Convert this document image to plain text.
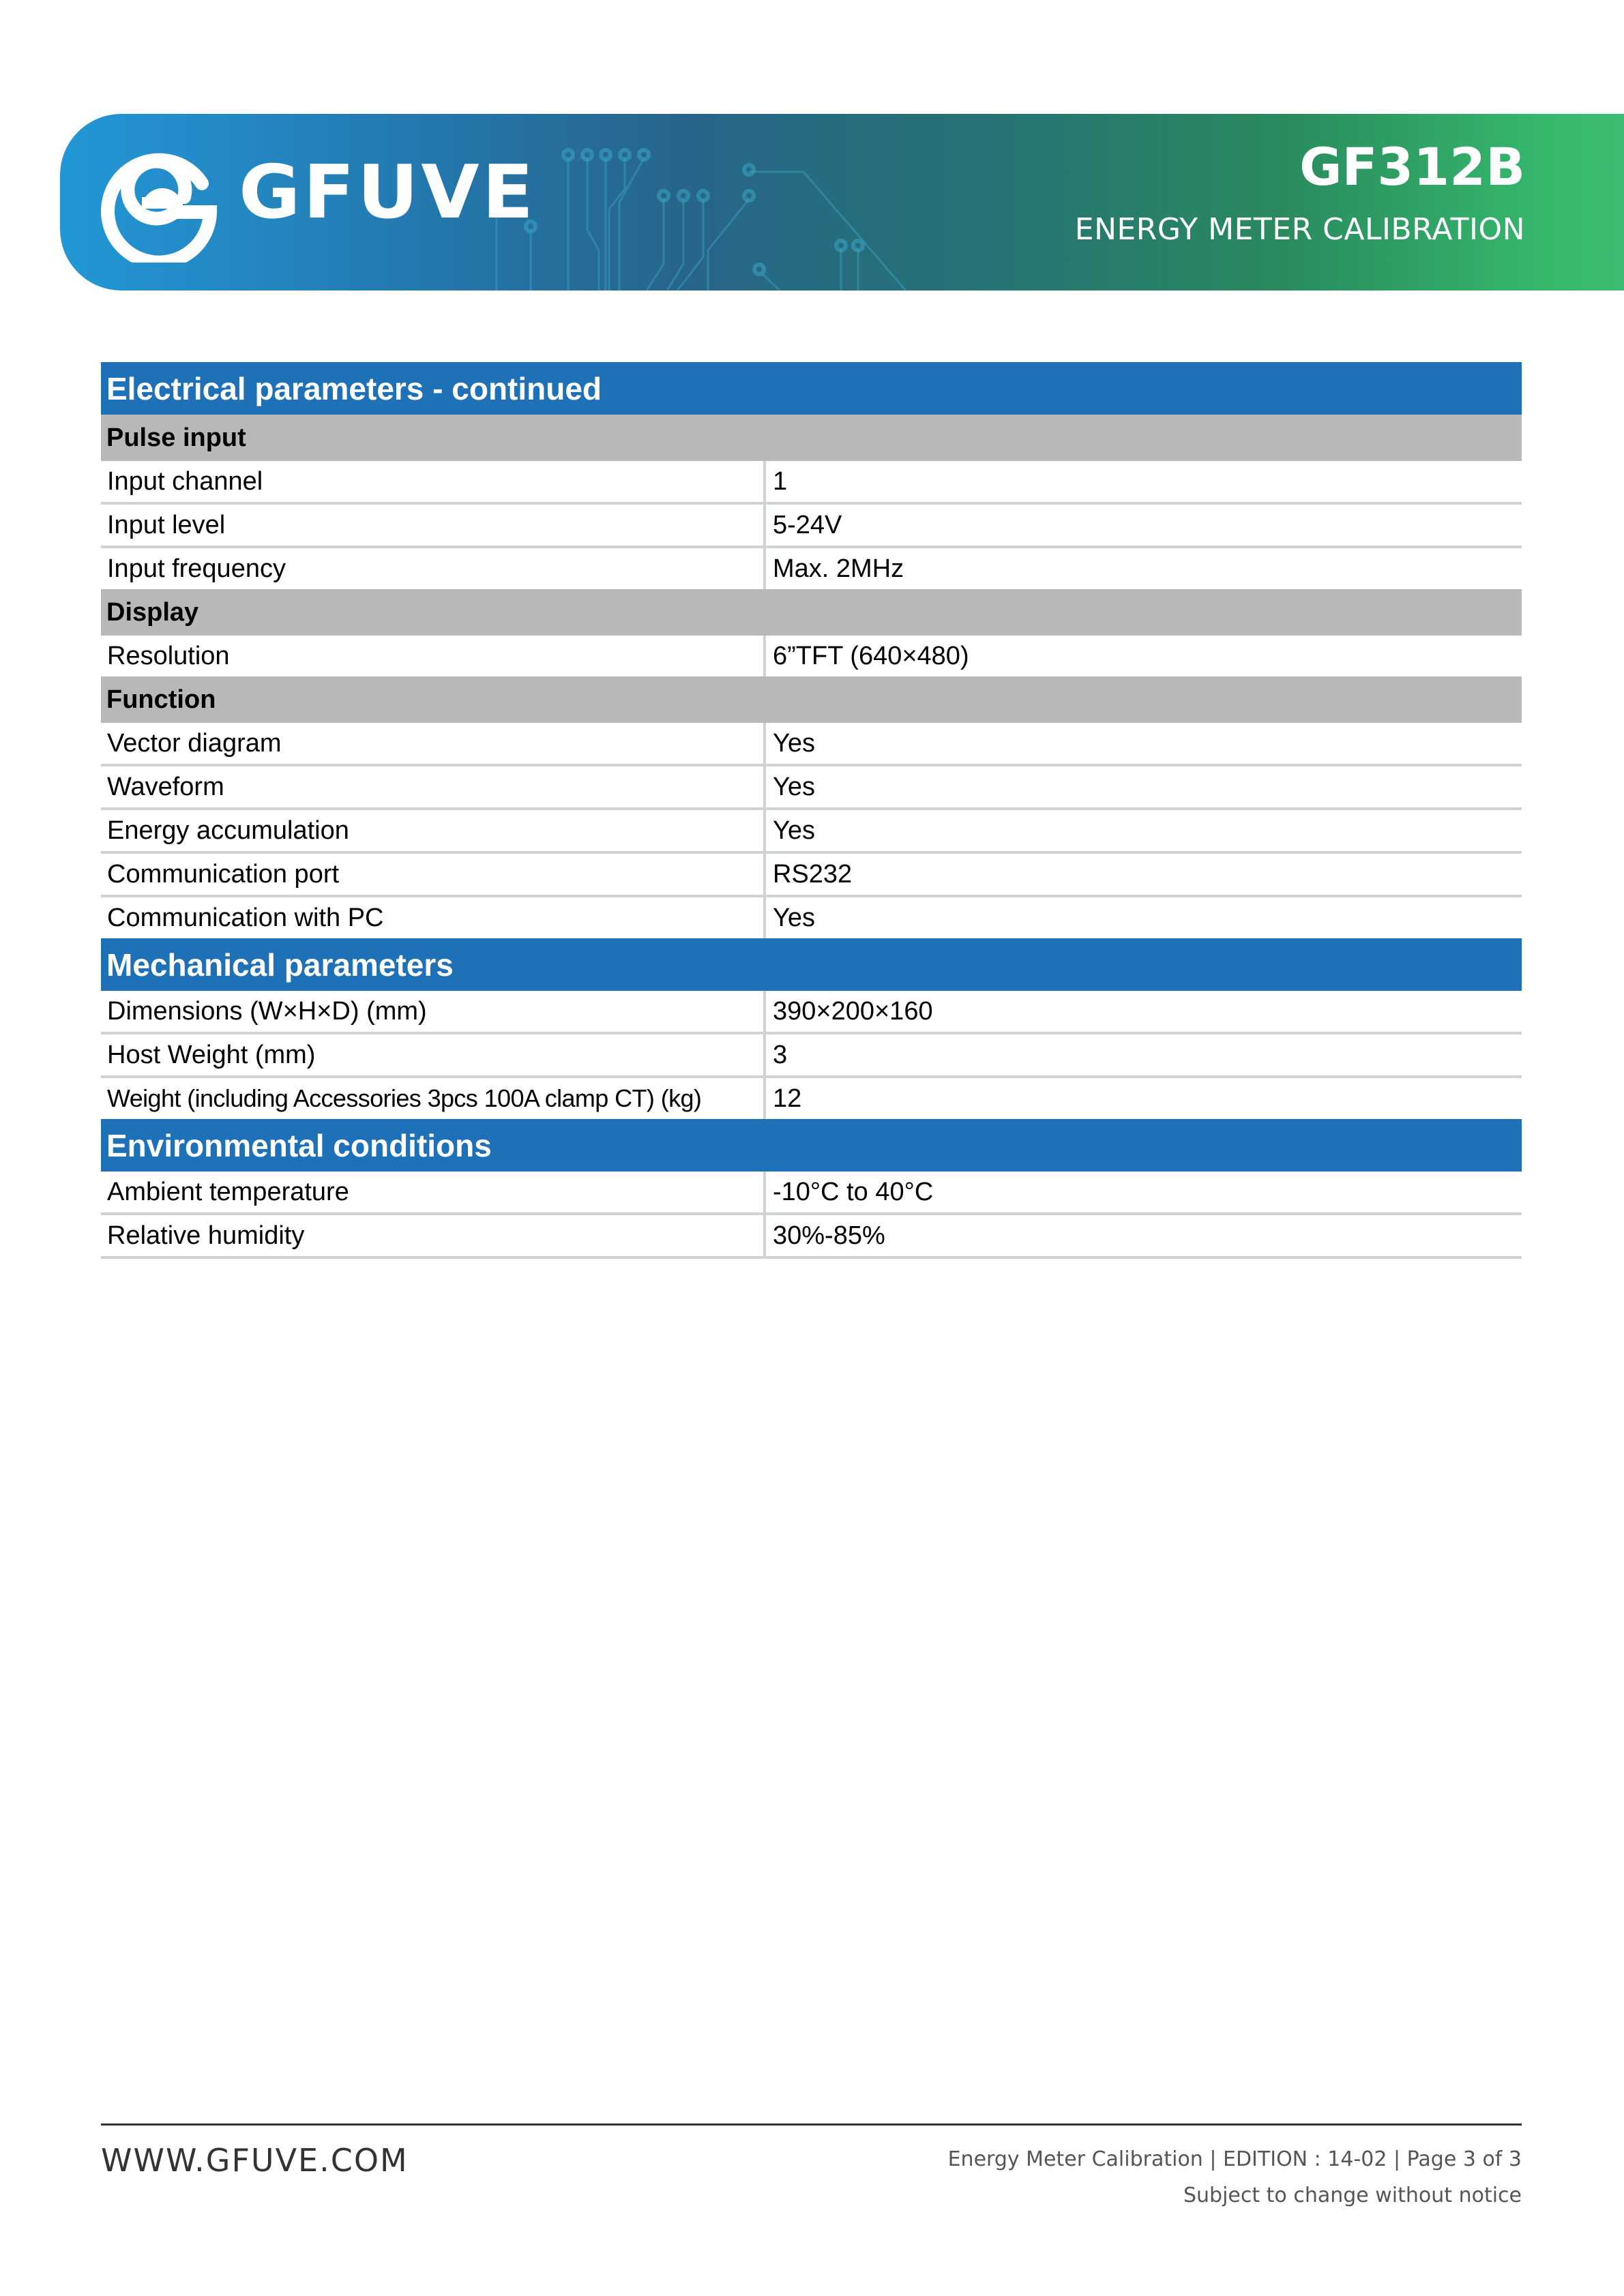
GFUVE	GF312B
ENERGY METER CALIBRATION
Electrical parameters - continued
Pulse input
Input channel	1
Input level	5-24V
Input frequency	Max. 2MHz
Display
Resolution	6”TFT (640×480)
Function
Vector diagram	Yes
Waveform	Yes
Energy accumulation	Yes
Communication port	RS232
Communication with PC	Yes
Mechanical parameters
Dimensions (W×H×D) (mm)	390×200×160
Host Weight (mm)	3
Weight (including Accessories 3pcs 100A clamp CT) (kg)	12
Environmental conditions
Ambient temperature	-10°C to 40°C
Relative humidity	30%-85%
WWW.GFUVE.COM	Energy Meter Calibration | EDITION : 14-02 | Page 3 of 3
Subject to change without notice
